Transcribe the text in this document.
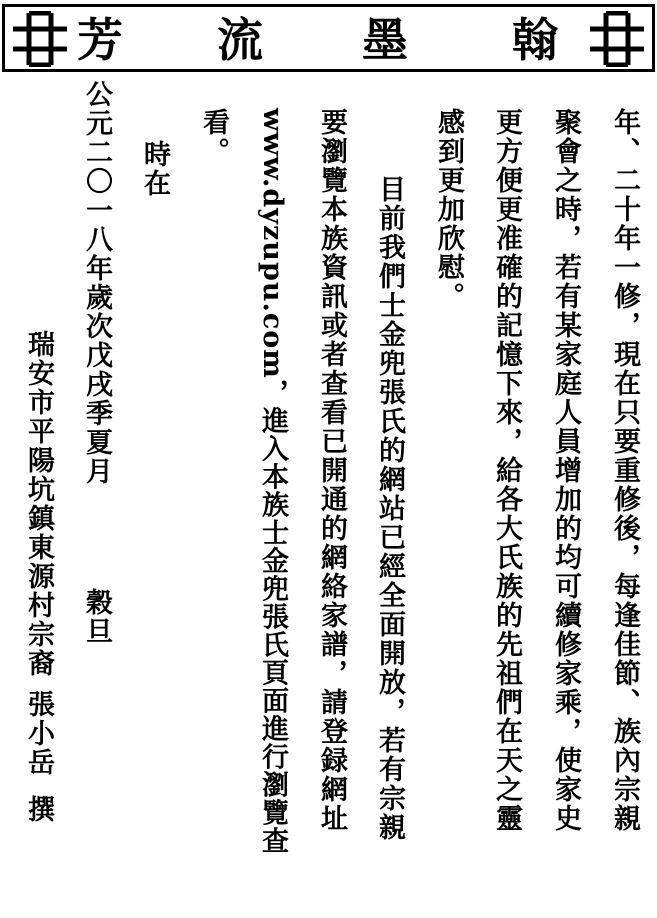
翰
墨
流
芳
年、二十年一修，現在只要重修後，每逢佳節、族內宗親
聚會之時，若有某家庭人員增加的均可續修家乘，使家史
更方便更准確的記憶下來，給各大氏族的先祖們在天之靈
感到更加欣慰。
目前我們士金兜張氏的網站已經全面開放，若有宗親
要瀏覽本族資訊或者查看已開通的網絡家譜，請登録網址
www.dyzupu.com，進入本族士金兜張氏頁面進行瀏覽查
看。
時在
公元二〇一八年歲次戊戌季夏月
穀旦
瑞安市平陽坑鎮東源村宗裔張小岳撰
